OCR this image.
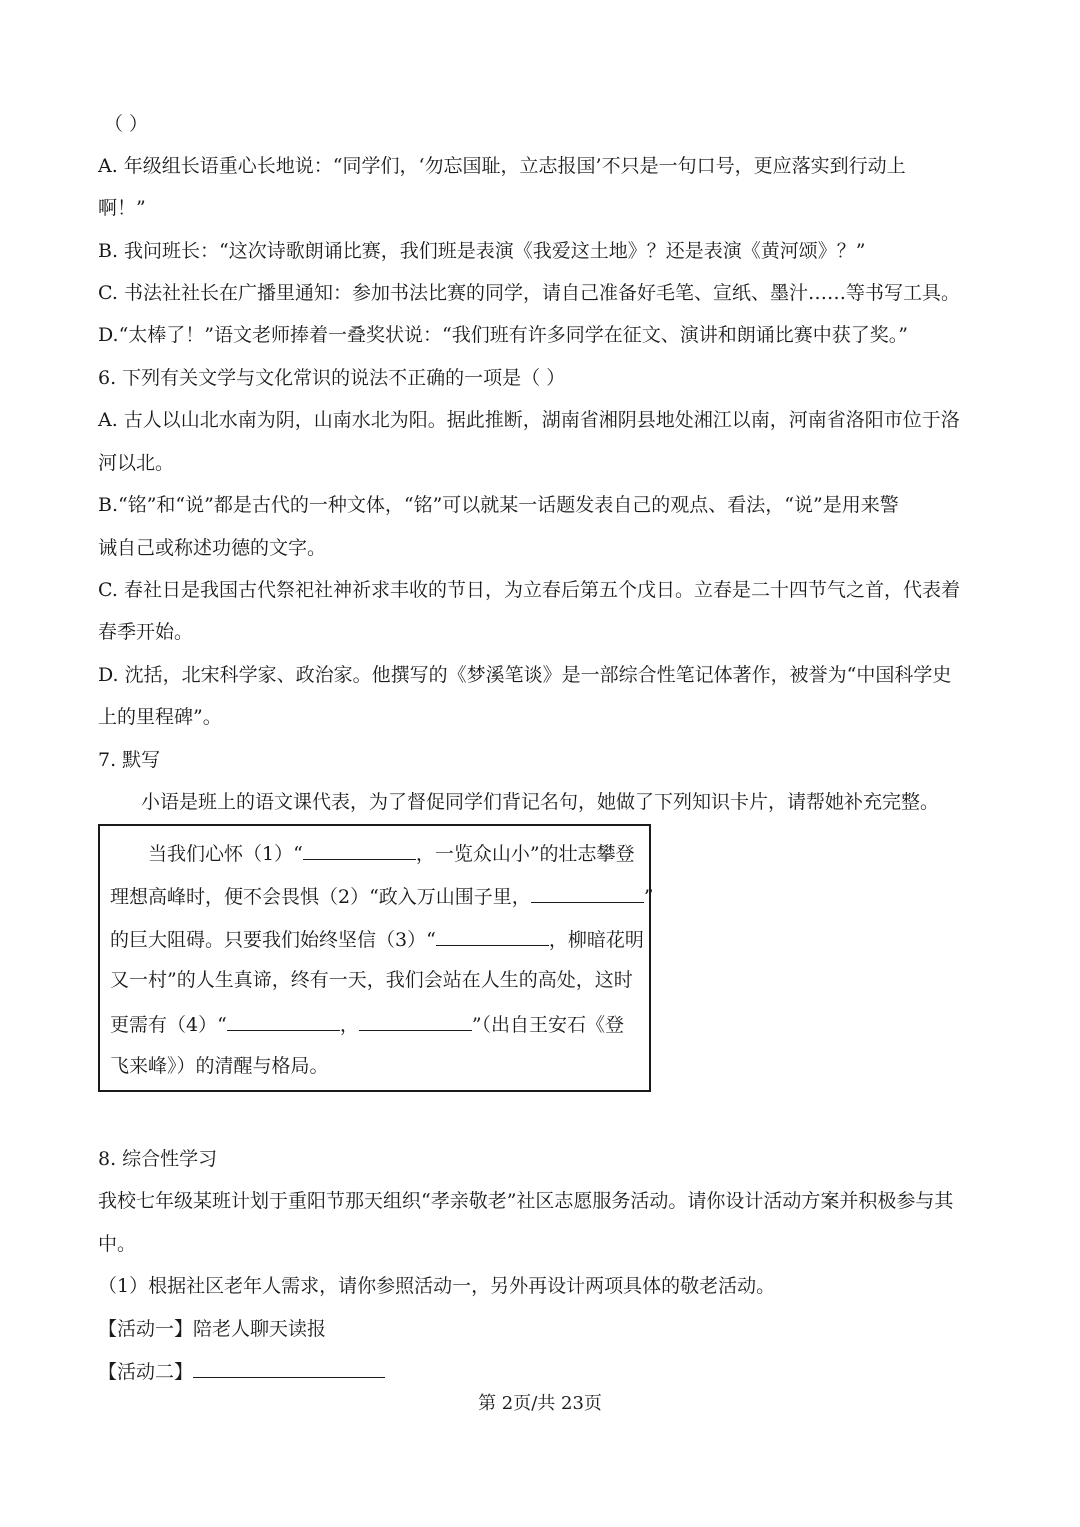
（ ）
A. 年级组长语重心长地说：“同学们，‘勿忘国耻，立志报国’不只是一句口号，更应落实到行动上
啊！”
B. 我问班长：“这次诗歌朗诵比赛，我们班是表演《我爱这土地》？还是表演《黄河颂》？”
C. 书法社社长在广播里通知：参加书法比赛的同学，请自己准备好毛笔、宣纸、墨汁……等书写工具。
D.“太棒了！”语文老师捧着一叠奖状说：“我们班有许多同学在征文、演讲和朗诵比赛中获了奖。”
6. 下列有关文学与文化常识的说法不正确的一项是（ ）
A. 古人以山北水南为阴，山南水北为阳。据此推断，湖南省湘阴县地处湘江以南，河南省洛阳市位于洛
河以北。
B.“铭”和“说”都是古代的一种文体，“铭”可以就某一话题发表自己的观点、看法，“说”是用来警
诫自己或称述功德的文字。
C. 春社日是我国古代祭祀社神祈求丰收的节日，为立春后第五个戊日。立春是二十四节气之首，代表着
春季开始。
D. 沈括，北宋科学家、政治家。他撰写的《梦溪笔谈》是一部综合性笔记体著作，被誉为“中国科学史
上的里程碑”。
7. 默写
小语是班上的语文课代表，为了督促同学们背记名句，她做了下列知识卡片，请帮她补充完整。
当我们心怀（1）“	，一览众山小”的壮志攀登
理想高峰时，便不会畏惧（2）“政入万山围子里，	”
的巨大阻碍。只要我们始终坚信（3）“	，柳暗花明
又一村”的人生真谛，终有一天，我们会站在人生的高处，这时
更需有（4）“	，	”（出自王安石《登
飞来峰》）的清醒与格局。
8. 综合性学习
我校七年级某班计划于重阳节那天组织“孝亲敬老”社区志愿服务活动。请你设计活动方案并积极参与其
中。
（1）根据社区老年人需求，请你参照活动一，另外再设计两项具体的敬老活动。
【活动一】陪老人聊天读报
【活动二】
第 2页/共 23页
